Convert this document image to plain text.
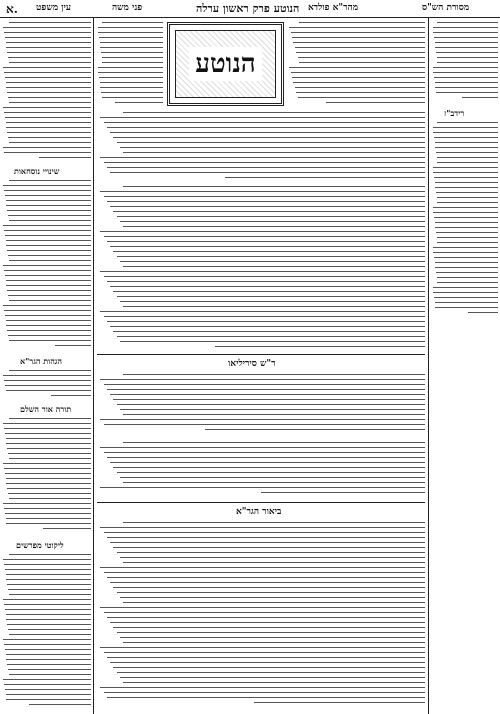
א. עין משפט	פני משה	הנוטע פרק ראשון ערלה מהר"א פולדא	מסורת הש"ס
שינויי נוסחאות
הגהות הגר"א
תורה אור השלם
ליקוטי מפרשים
רידב"ז
הנוטע
ר"ש סיריליאו
ביאור הגר"א
